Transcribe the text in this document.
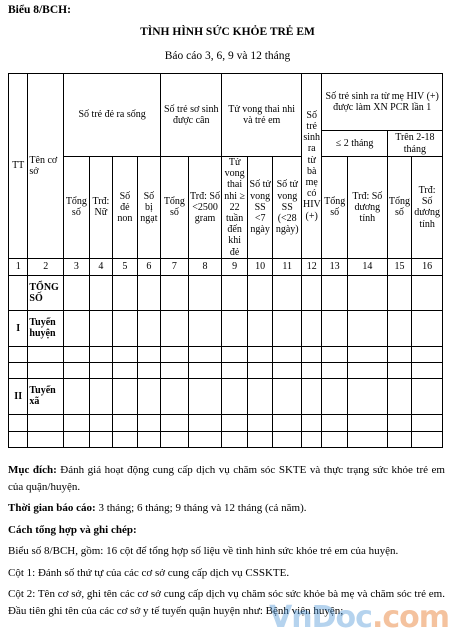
Biểu 8/BCH:
TÌNH HÌNH SỨC KHỎE TRẺ EM
Báo cáo 3, 6, 9 và 12 tháng
TT	Tên cơ sở	Số trẻ đẻ ra sống				Số trẻ sơ sinh được cân		Tử vong thai nhi và trẻ em			Số trẻ sinh ra từ bà mẹ có HIV (+)	Số trẻ sinh ra từ mẹ HIV (+) được làm XN PCR lần 1			
												≤ 2 tháng		Trên 2-18 tháng	
		Tổng số	Trđ: Nữ	Số đẻ non	Số bị ngạt	Tổng số	Trđ: Số <2500 gram	Tử vong thai nhi ≥ 22 tuần đến khi đẻ	Số tử vong SS <7 ngày	Số tử vong SS (<28 ngày)		Tổng số	Trđ: Số dương tính	Tổng số	Trđ: Số dương tính
1	2	3	4	5	6	7	8	9	10	11	12	13	14	15	16
	TỔNG SỐ														
I	Tuyến huyện														

II	Tuyến xã														

Mục đích: Đánh giá hoạt động cung cấp dịch vụ chăm sóc SKTE và thực trạng sức khỏe trẻ em của quận/huyện.

Thời gian báo cáo: 3 tháng; 6 tháng; 9 tháng và 12 tháng (cả năm).

Cách tổng hợp và ghi chép:

Biểu số 8/BCH, gồm: 16 cột để tổng hợp số liệu về tình hình sức khỏe trẻ em của huyện.

Cột 1: Đánh số thứ tự của các cơ sở cung cấp dịch vụ CSSKTE.

Cột 2: Tên cơ sở, ghi tên các cơ sở cung cấp dịch vụ chăm sóc sức khỏe bà mẹ và chăm sóc trẻ em. Đầu tiên ghi tên của các cơ sở y tế tuyến quận huyện như: Bệnh viện huyện;

VnDoc.com
